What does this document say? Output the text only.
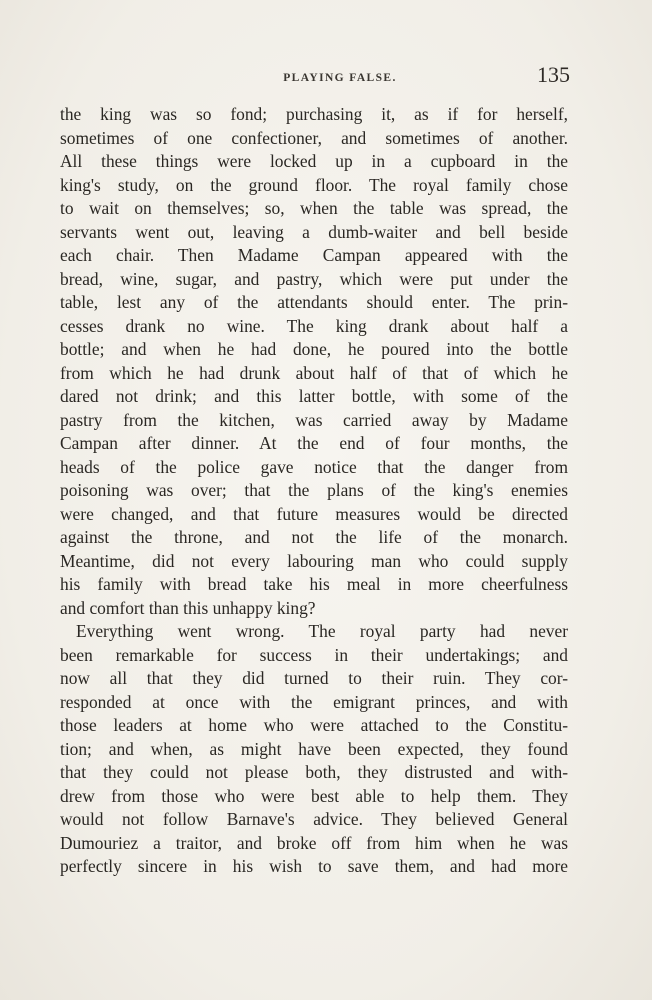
PLAYING FALSE.	135
the king was so fond; purchasing it, as if for herself,
sometimes of one confectioner, and sometimes of another.
All these things were locked up in a cupboard in the
king's study, on the ground floor. The royal family chose
to wait on themselves; so, when the table was spread, the
servants went out, leaving a dumb-waiter and bell beside
each chair. Then Madame Campan appeared with the
bread, wine, sugar, and pastry, which were put under the
table, lest any of the attendants should enter. The prin-
cesses drank no wine. The king drank about half a
bottle; and when he had done, he poured into the bottle
from which he had drunk about half of that of which he
dared not drink; and this latter bottle, with some of the
pastry from the kitchen, was carried away by Madame
Campan after dinner. At the end of four months, the
heads of the police gave notice that the danger from
poisoning was over; that the plans of the king's enemies
were changed, and that future measures would be directed
against the throne, and not the life of the monarch.
Meantime, did not every labouring man who could supply
his family with bread take his meal in more cheerfulness
and comfort than this unhappy king?
Everything went wrong. The royal party had never
been remarkable for success in their undertakings; and
now all that they did turned to their ruin. They cor-
responded at once with the emigrant princes, and with
those leaders at home who were attached to the Constitu-
tion; and when, as might have been expected, they found
that they could not please both, they distrusted and with-
drew from those who were best able to help them. They
would not follow Barnave's advice. They believed General
Dumouriez a traitor, and broke off from him when he was
perfectly sincere in his wish to save them, and had more
